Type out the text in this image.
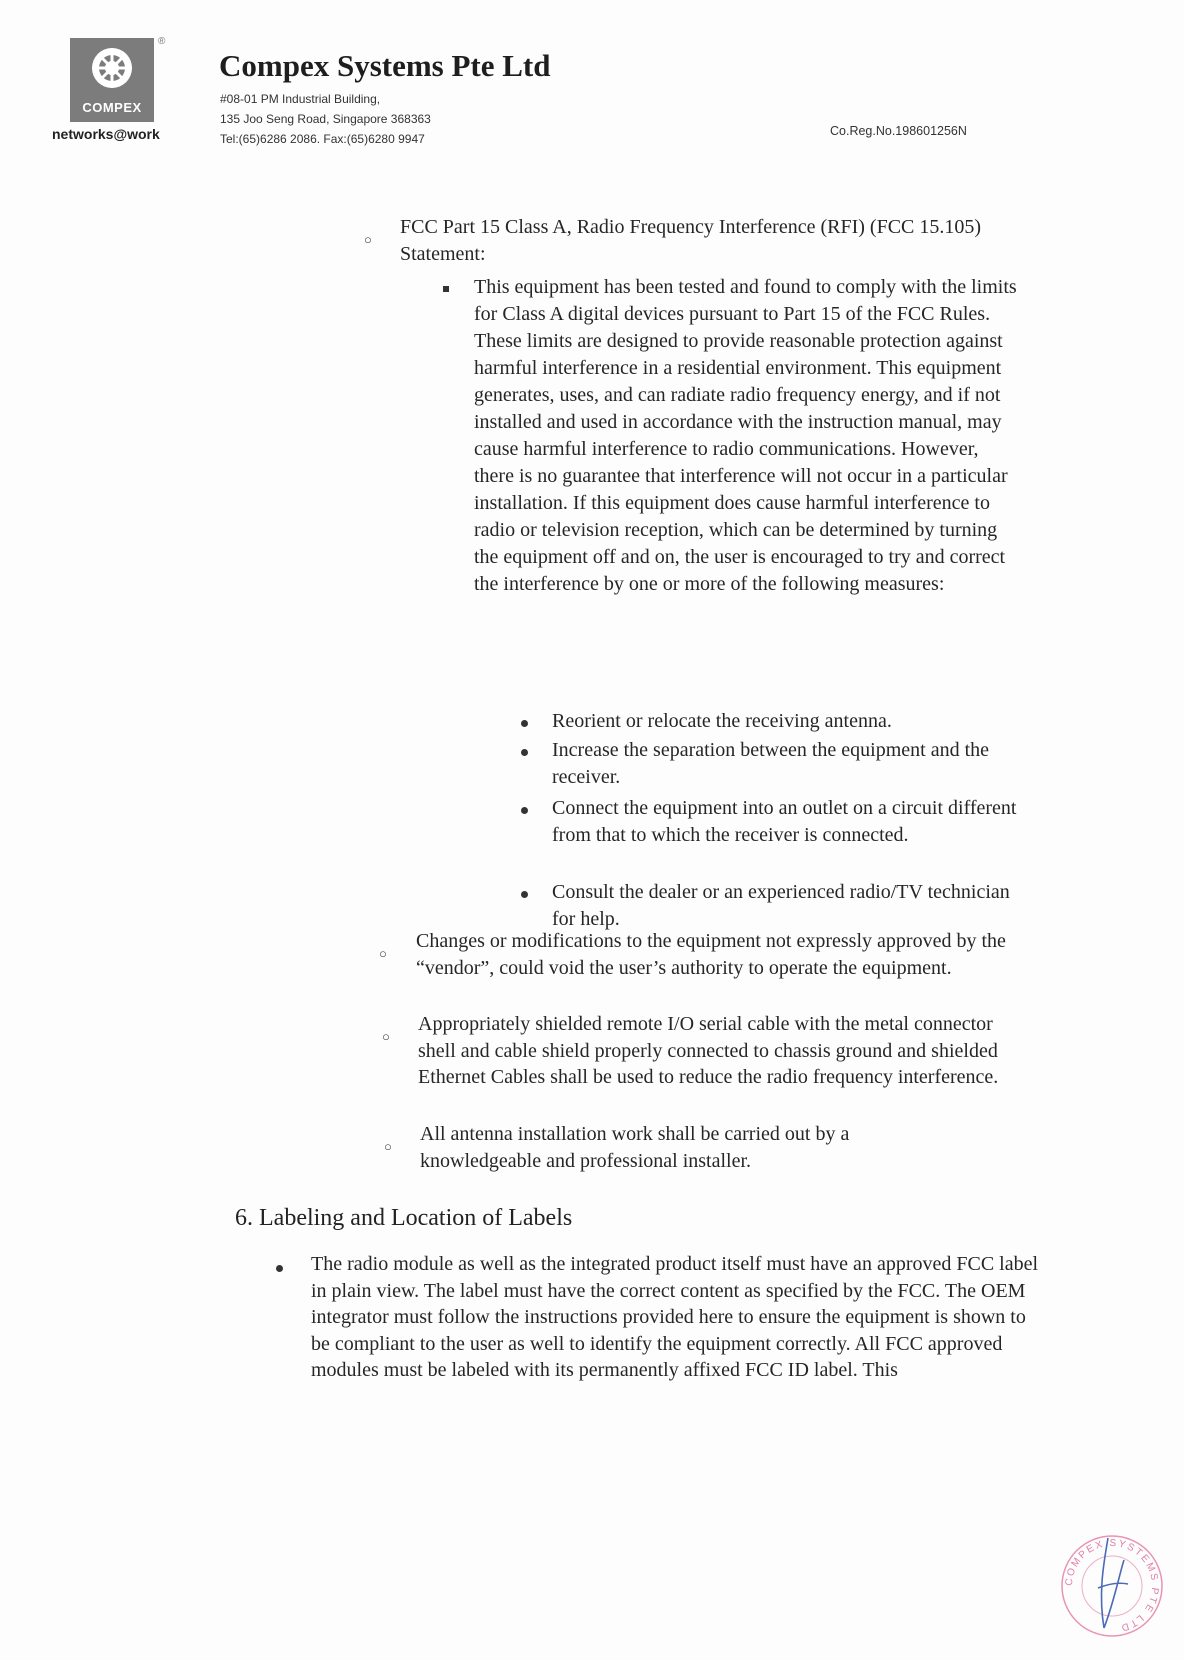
COMPEX
®
networks@work
Compex Systems Pte Ltd
#08-01 PM Industrial Building,
135 Joo Seng Road, Singapore 368363
Tel:(65)6286 2086. Fax:(65)6280 9947
Co.Reg.No.198601256N
○
FCC Part 15 Class A, Radio Frequency Interference (RFI) (FCC 15.105) Statement:
This equipment has been tested and found to comply with the limits for Class A digital devices pursuant to Part 15 of the FCC Rules. These limits are designed to provide reasonable protection against harmful interference in a residential environment. This equipment generates, uses, and can radiate radio frequency energy, and if not installed and used in accordance with the instruction manual, may cause harmful interference to radio communications. However, there is no guarantee that interference will not occur in a particular installation. If this equipment does cause harmful interference to radio or television reception, which can be determined by turning the equipment off and on, the user is encouraged to try and correct the interference by one or more of the following measures:
Reorient or relocate the receiving antenna.
Increase the separation between the equipment and the receiver.
Connect the equipment into an outlet on a circuit different from that to which the receiver is connected.
Consult the dealer or an experienced radio/TV technician for help.
○
Changes or modifications to the equipment not expressly approved by the “vendor”, could void the user’s authority to operate the equipment.
○
Appropriately shielded remote I/O serial cable with the metal connector shell and cable shield properly connected to chassis ground and shielded Ethernet Cables shall be used to reduce the radio frequency interference.
○
All antenna installation work shall be carried out by a knowledgeable and professional installer.
6. Labeling and Location of Labels
The radio module as well as the integrated product itself must have an approved FCC label in plain view. The label must have the correct content as specified by the FCC. The OEM integrator must follow the instructions provided here to ensure the equipment is shown to be compliant to the user as well to identify the equipment correctly. All FCC approved modules must be labeled with its permanently affixed FCC ID label. This
COMPEX SYSTEMS PTE LTD
